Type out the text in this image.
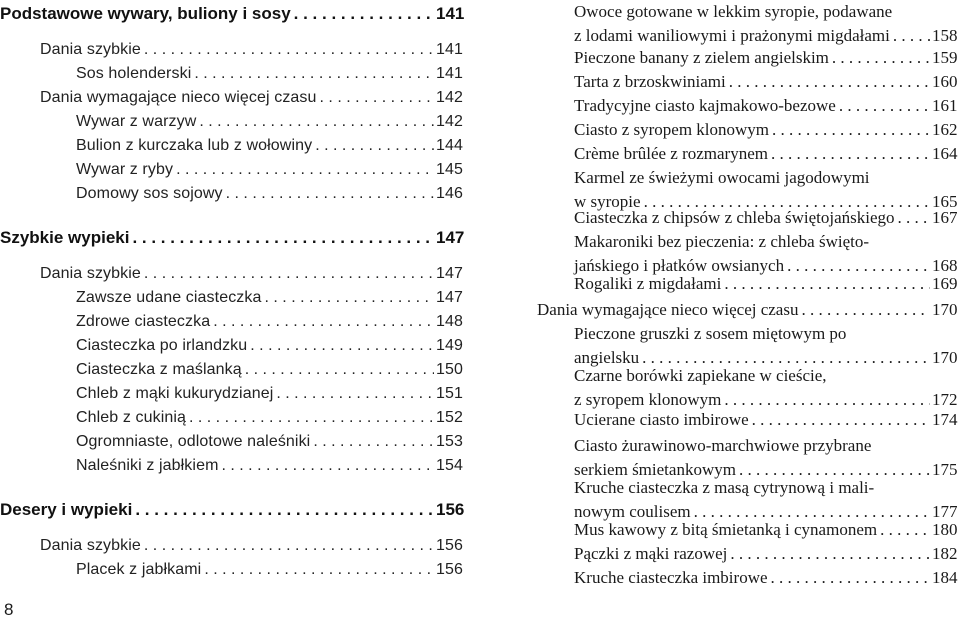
Podstawowe wywary, buliony i sosy . . .	141
Dania szybkie . . .	141
Sos holenderski . . .	141
Dania wymagające nieco więcej czasu . . .	142
Wywar z warzyw . . .	142
Bulion z kurczaka lub z wołowiny . . .	144
Wywar z ryby . . .	145
Domowy sos sojowy . . .	146
Szybkie wypieki . . .	147
Dania szybkie . . .	147
Zawsze udane ciasteczka . . .	147
Zdrowe ciasteczka . . .	148
Ciasteczka po irlandzku . . .	149
Ciasteczka z maślanką . . .	150
Chleb z mąki kukurydzianej . . .	151
Chleb z cukinią . . .	152
Ogromniaste, odlotowe naleśniki . . .	153
Naleśniki z jabłkiem . . .	154
Desery i wypieki . . .	156
Dania szybkie . . .	156
Placek z jabłkami . . .	156
Owoce gotowane w lekkim syropie, podawane
z lodami waniliowymi i prażonymi migdałami . . . 158
Pieczone banany z zielem angielskim . . .	159
Tarta z brzoskwiniami . . .	160
Tradycyjne ciasto kajmakowo-bezowe . . .	161
Ciasto z syropem klonowym . . .	162
Crème brûlée z rozmarynem . . .	164
Karmel ze świeżymi owocami jagodowymi
w syropie . . .	165
Ciasteczka z chipsów z chleba świętojańskiego . . . 167
Makaroniki bez pieczenia: z chleba święto-
jańskiego i płatków owsianych . . .	168
Rogaliki z migdałami . . .	169
Dania wymagające nieco więcej czasu . . .	170
Pieczone gruszki z sosem miętowym po
angielsku . . .	170
Czarne borówki zapiekane w cieście,
z syropem klonowym . . .	172
Ucierane ciasto imbirowe . . .	174
Ciasto żurawinowo-marchwiowe przybrane
serkiem śmietankowym . . .	175
Kruche ciasteczka z masą cytrynową i mali-
nowym coulisem . . .	177
Mus kawowy z bitą śmietanką i cynamonem . . .	180
Pączki z mąki razowej . . .	182
Kruche ciasteczka imbirowe . . .	184
8
